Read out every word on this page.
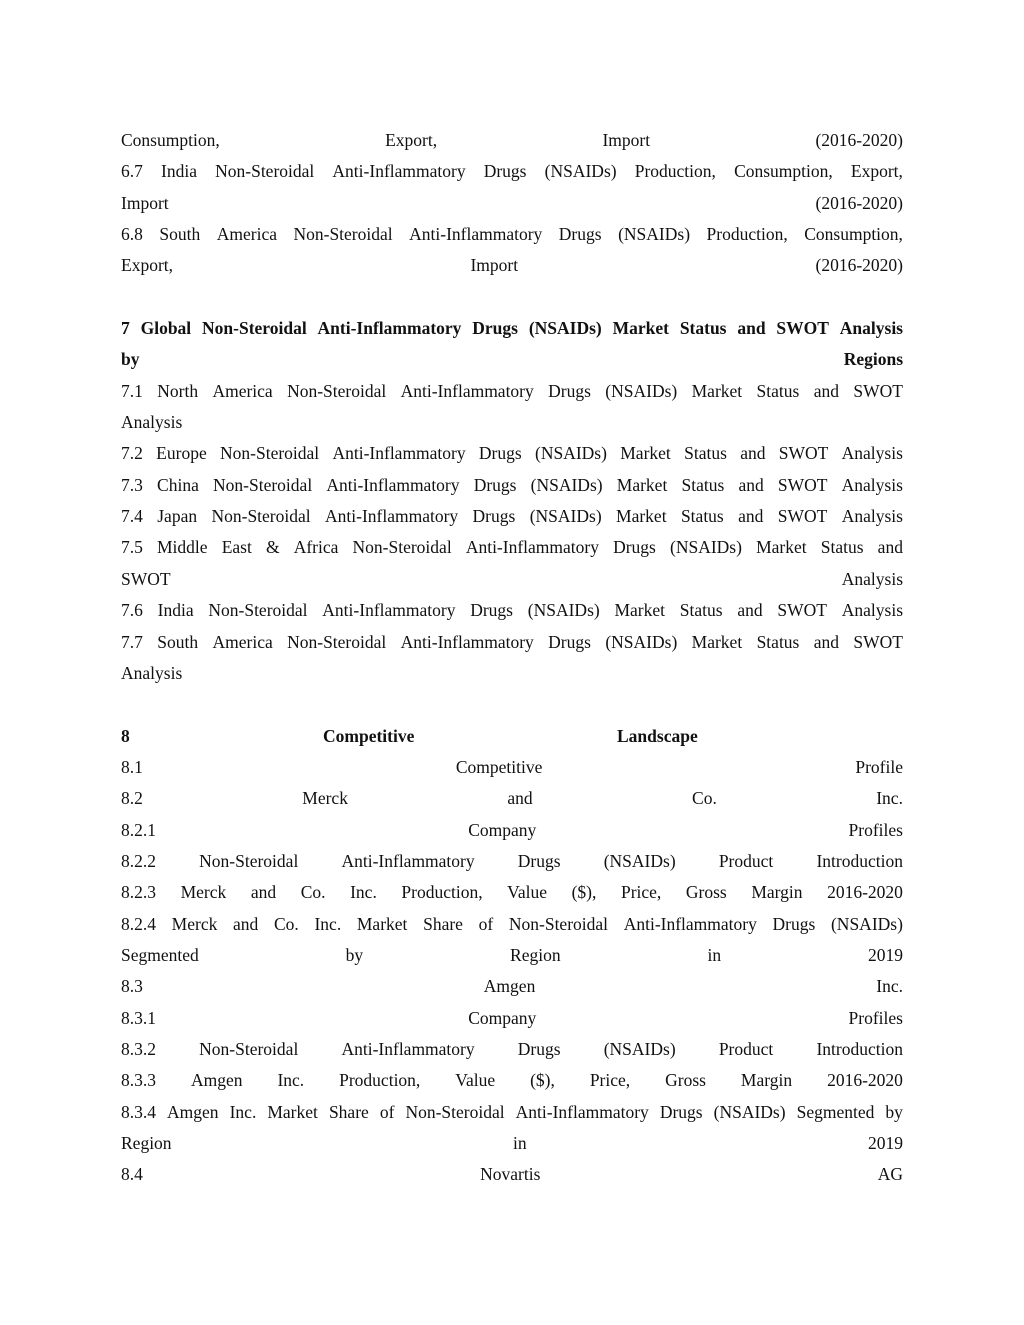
Consumption,	Export,	Import	(2016-2020)
6.7 India Non-Steroidal Anti-Inflammatory Drugs (NSAIDs) Production, Consumption, Export,
Import	(2016-2020)
6.8 South America Non-Steroidal Anti-Inflammatory Drugs (NSAIDs) Production, Consumption,
Export,	Import	(2016-2020)
7 Global Non-Steroidal Anti-Inflammatory Drugs (NSAIDs) Market Status and SWOT Analysis
by	Regions
7.1 North America Non-Steroidal Anti-Inflammatory Drugs (NSAIDs) Market Status and SWOT
Analysis
7.2 Europe Non-Steroidal Anti-Inflammatory Drugs (NSAIDs) Market Status and SWOT Analysis
7.3 China Non-Steroidal Anti-Inflammatory Drugs (NSAIDs) Market Status and SWOT Analysis
7.4 Japan Non-Steroidal Anti-Inflammatory Drugs (NSAIDs) Market Status and SWOT Analysis
7.5 Middle East & Africa Non-Steroidal Anti-Inflammatory Drugs (NSAIDs) Market Status and
SWOT	Analysis
7.6 India Non-Steroidal Anti-Inflammatory Drugs (NSAIDs) Market Status and SWOT Analysis
7.7 South America Non-Steroidal Anti-Inflammatory Drugs (NSAIDs) Market Status and SWOT
Analysis
8	Competitive	Landscape
8.1	Competitive	Profile
8.2	Merck	and	Co.	Inc.
8.2.1	Company	Profiles
8.2.2 Non-Steroidal Anti-Inflammatory Drugs (NSAIDs) Product Introduction
8.2.3 Merck and Co. Inc. Production, Value ($), Price, Gross Margin 2016-2020
8.2.4 Merck and Co. Inc. Market Share of Non-Steroidal Anti-Inflammatory Drugs (NSAIDs)
Segmented	by	Region	in	2019
8.3	Amgen	Inc.
8.3.1	Company	Profiles
8.3.2 Non-Steroidal Anti-Inflammatory Drugs (NSAIDs) Product Introduction
8.3.3 Amgen Inc. Production, Value ($), Price, Gross Margin 2016-2020
8.3.4 Amgen Inc. Market Share of Non-Steroidal Anti-Inflammatory Drugs (NSAIDs) Segmented by
Region	in	2019
8.4	Novartis	AG
